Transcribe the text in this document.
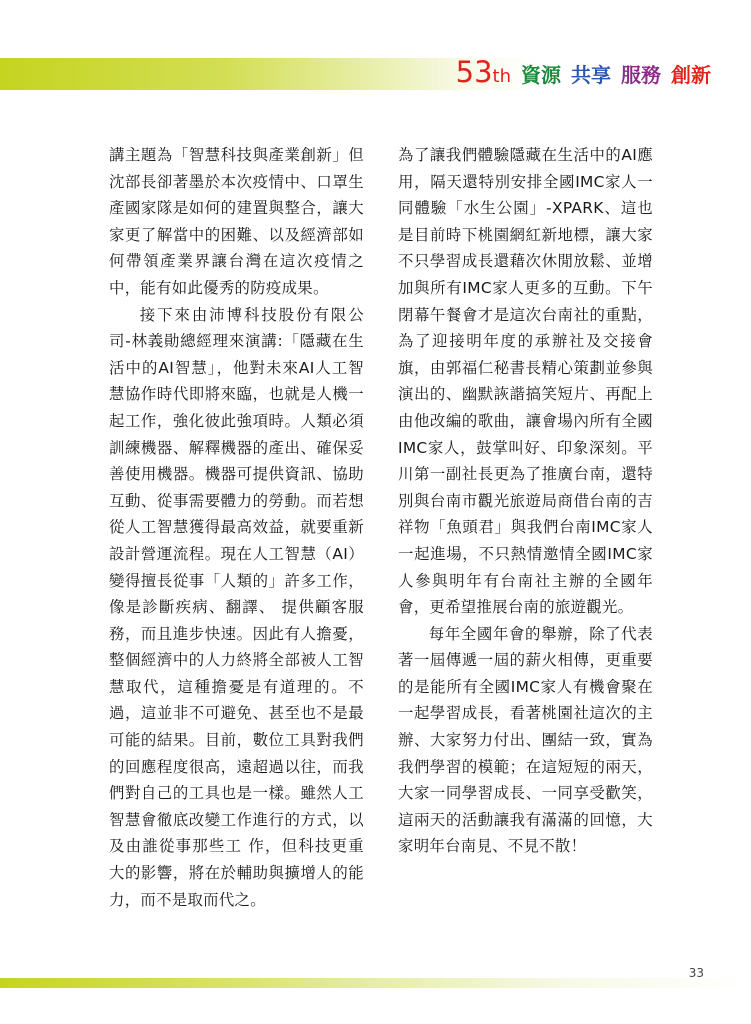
53 th 資源 共享 服務 創新

講主題為「智慧科技與產業創新」但沈部長卻著墨於本次疫情中、口罩生產國家隊是如何的建置與整合，讓大家更了解當中的困難、以及經濟部如何帶領產業界讓台灣在這次疫情之中，能有如此優秀的防疫成果。

接下來由沛博科技股份有限公司-林義勛總經理來演講:「隱藏在生活中的AI智慧」，他對未來AI人工智慧協作時代即將來臨，也就是人機一起工作，強化彼此強項時。人類必須訓練機器、解釋機器的產出、確保妥善使用機器。機器可提供資訊、協助互動、從事需要體力的勞動。而若想從人工智慧獲得最高效益，就要重新設計營運流程。現在人工智慧（AI）變得擅長從事「人類的」許多工作，像是診斷疾病、翻譯、 提供顧客服務，而且進步快速。因此有人擔憂，整個經濟中的人力終將全部被人工智慧取代，這種擔憂是有道理的。不過，這並非不可避免、甚至也不是最可能的結果。目前，數位工具對我們的回應程度很高，遠超過以往，而我們對自己的工具也是一樣。雖然人工智慧會徹底改變工作進行的方式，以及由誰從事那些工 作，但科技更重大的影響，將在於輔助與擴增人的能力，而不是取而代之。

為了讓我們體驗隱藏在生活中的AI應用，隔天還特別安排全國IMC家人一同體驗「水生公園」-XPARK、這也是目前時下桃園網紅新地標，讓大家不只學習成長還藉次休閒放鬆、並增加與所有IMC家人更多的互動。下午閉幕午餐會才是這次台南社的重點，為了迎接明年度的承辦社及交接會旗，由郭福仁秘書長精心策劃並參與演出的、幽默詼諧搞笑短片、再配上由他改編的歌曲，讓會場內所有全國IMC家人，鼓掌叫好、印象深刻。平川第一副社長更為了推廣台南，還特別與台南市觀光旅遊局商借台南的吉祥物「魚頭君」與我們台南IMC家人一起進場，不只熱情邀情全國IMC家人參與明年有台南社主辦的全國年會，更希望推展台南的旅遊觀光。

每年全國年會的舉辦，除了代表著一屆傳遞一屆的薪火相傳，更重要的是能所有全國IMC家人有機會聚在一起學習成長，看著桃園社這次的主辦、大家努力付出、團結一致，實為我們學習的模範；在這短短的兩天，大家一同學習成長、一同享受歡笑，這兩天的活動讓我有滿滿的回憶，大家明年台南見、不見不散！

33
